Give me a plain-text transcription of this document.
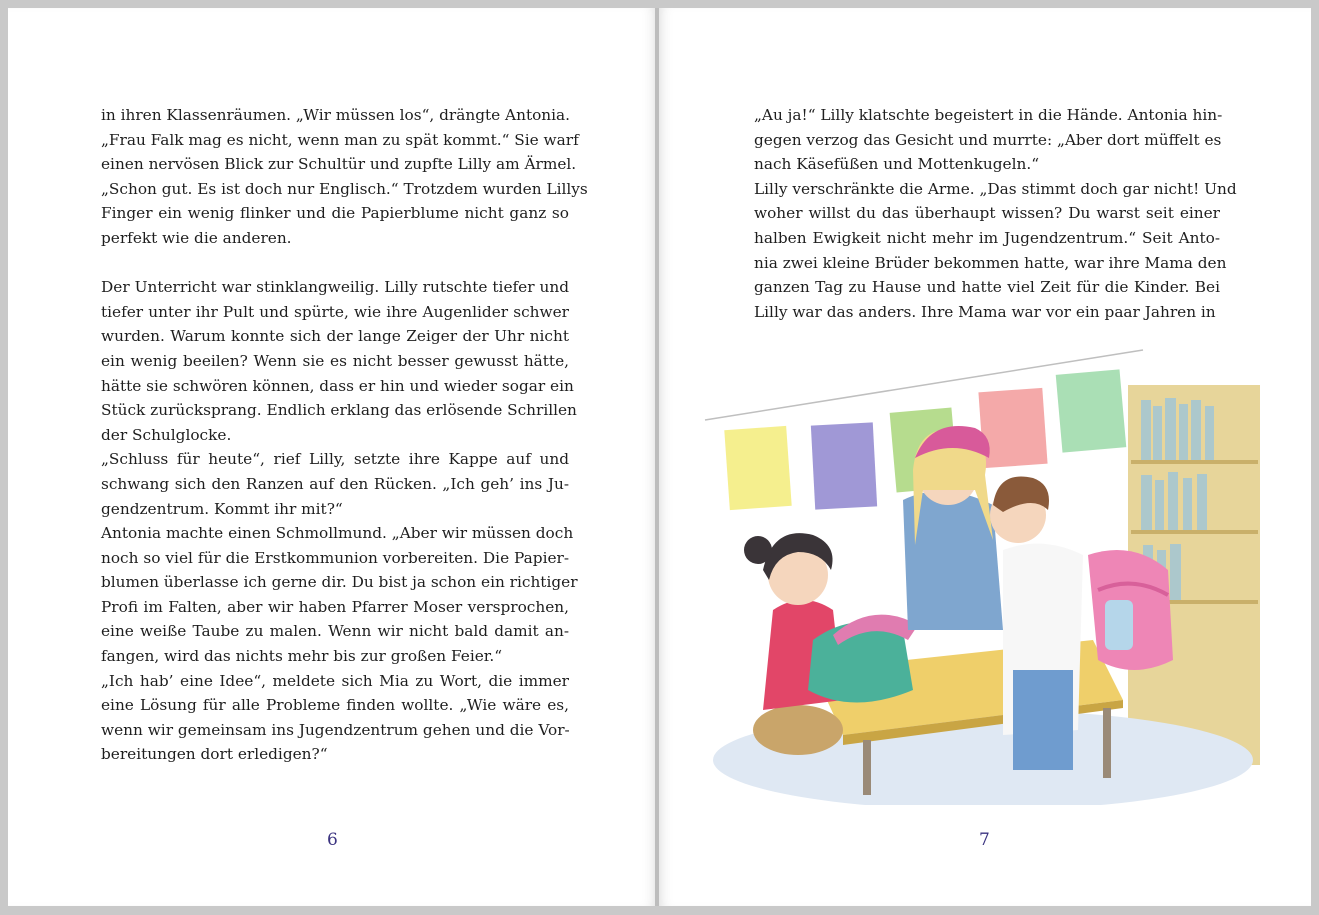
in ihren Klassenräumen. „Wir müssen los“, drängte Antonia.
„Frau Falk mag es nicht, wenn man zu spät kommt.“ Sie warf
einen nervösen Blick zur Schultür und zupfte Lilly am Ärmel.
„Schon gut. Es ist doch nur Englisch.“ Trotzdem wurden Lillys
Finger ein wenig flinker und die Papierblume nicht ganz so
perfekt wie die anderen.
Der Unterricht war stinklangweilig. Lilly rutschte tiefer und
tiefer unter ihr Pult und spürte, wie ihre Augenlider schwer
wurden. Warum konnte sich der lange Zeiger der Uhr nicht
ein wenig beeilen? Wenn sie es nicht besser gewusst hätte,
hätte sie schwören können, dass er hin und wieder sogar ein
Stück zurücksprang. Endlich erklang das erlösende Schrillen
der Schulglocke.
„Schluss für heute“, rief Lilly, setzte ihre Kappe auf und
schwang sich den Ranzen auf den Rücken. „Ich geh’ ins Ju-
gendzentrum. Kommt ihr mit?“
Antonia machte einen Schmollmund. „Aber wir müssen doch
noch so viel für die Erstkommunion vorbereiten. Die Papier-
blumen überlasse ich gerne dir. Du bist ja schon ein richtiger
Profi im Falten, aber wir haben Pfarrer Moser versprochen,
eine weiße Taube zu malen. Wenn wir nicht bald damit an-
fangen, wird das nichts mehr bis zur großen Feier.“
„Ich hab’ eine Idee“, meldete sich Mia zu Wort, die immer
eine Lösung für alle Probleme finden wollte. „Wie wäre es,
wenn wir gemeinsam ins Jugendzentrum gehen und die Vor-
bereitungen dort erledigen?“
6
„Au ja!“ Lilly klatschte begeistert in die Hände. Antonia hin-
gegen verzog das Gesicht und murrte: „Aber dort müffelt es
nach Käsefüßen und Mottenkugeln.“
Lilly verschränkte die Arme. „Das stimmt doch gar nicht! Und
woher willst du das überhaupt wissen? Du warst seit einer
halben Ewigkeit nicht mehr im Jugendzentrum.“ Seit Anto-
nia zwei kleine Brüder bekommen hatte, war ihre Mama den
ganzen Tag zu Hause und hatte viel Zeit für die Kinder. Bei
Lilly war das anders. Ihre Mama war vor ein paar Jahren in
7
